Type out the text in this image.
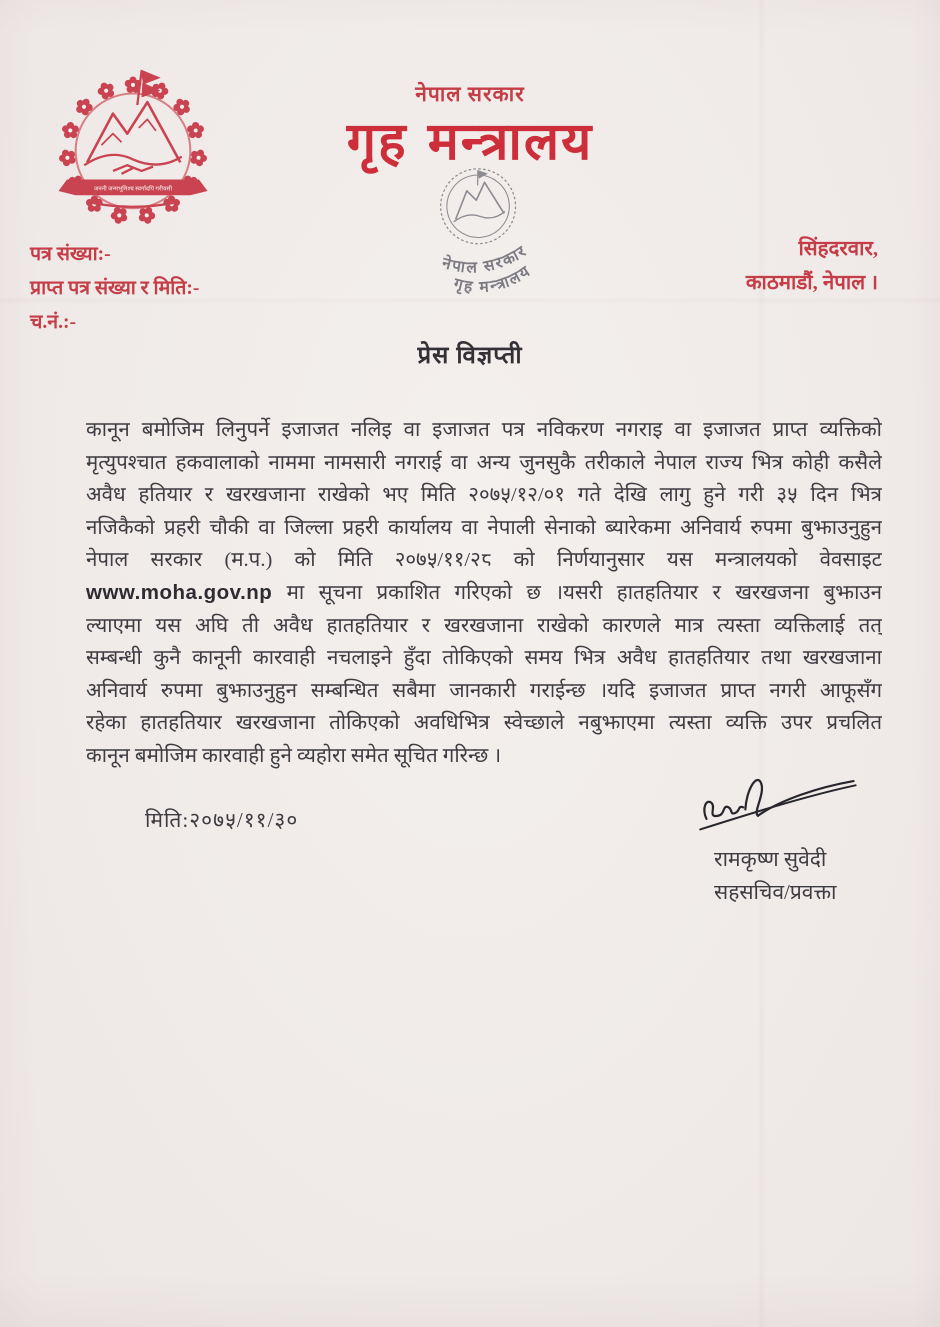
जननी जन्मभूमिश्च स्वर्गादपि गरीयसी
नेपाल सरकार
गृह मन्त्रालय
नेपाल सरकार
गृह मन्त्रालय
पत्र संख्या:-
प्राप्त पत्र संख्या र मिति:-
च.नं.:-
सिंहदरवार,
काठमाडौं, नेपाल ।
प्रेस विज्ञप्ती
कानून बमोजिम लिनुपर्ने इजाजत नलिइ वा इजाजत पत्र नविकरण नगराइ वा इजाजत प्राप्त व्यक्तिको
मृत्युपश्चात हकवालाको नाममा नामसारी नगराई वा अन्य जुनसुकै तरीकाले नेपाल राज्य भित्र कोही कसैले
अवैध हतियार र खरखजाना राखेको भए मिति २०७५/१२/०१ गते देखि लागु हुने गरी ३५ दिन भित्र
नजिकैको प्रहरी चौकी वा जिल्ला प्रहरी कार्यालय वा नेपाली सेनाको ब्यारेकमा अनिवार्य रुपमा बुझाउनुहुन
नेपाल सरकार (म.प.) को मिति २०७५/११/२८ को निर्णयानुसार यस मन्त्रालयको वेवसाइट
www.moha.gov.np मा सूचना प्रकाशित गरिएको छ ।यसरी हातहतियार र खरखजना बुझाउन
ल्याएमा यस अघि ती अवैध हातहतियार र खरखजाना राखेको कारणले मात्र त्यस्ता व्यक्तिलाई तत्
सम्बन्धी कुनै कानूनी कारवाही नचलाइने हुँदा तोकिएको समय भित्र अवैध हातहतियार तथा खरखजाना
अनिवार्य रुपमा बुझाउनुहुन सम्बन्धित सबैमा जानकारी गराईन्छ ।यदि इजाजत प्राप्त नगरी आफूसँग
रहेका हातहतियार खरखजाना तोकिएको अवधिभित्र स्वेच्छाले नबुझाएमा त्यस्ता व्यक्ति उपर प्रचलित
कानून बमोजिम कारवाही हुने व्यहोरा समेत सूचित गरिन्छ ।
मिति:२०७५/११/३०
रामकृष्ण सुवेदी
सहसचिव/प्रवक्ता
